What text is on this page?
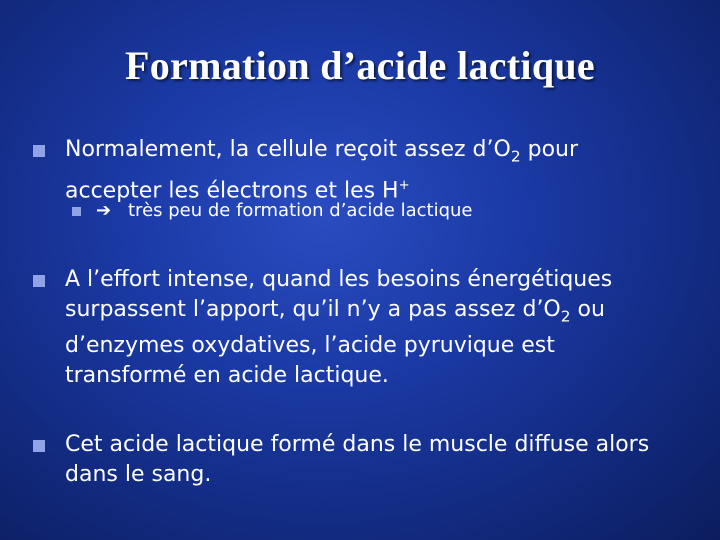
Formation d’acide lactique
Normalement, la cellule reçoit assez $d’O_2$ pour
accepter les électrons et les H+
➔ très peu de formation d’acide lactique
A l’effort intense, quand les besoins énergétiques
surpassent l’apport, qu’il n’y a pas assez $d’O_2$ ou
d’enzymes oxydatives, l’acide pyruvique est
transformé en acide lactique.
Cet acide lactique formé dans le muscle diffuse alors
dans le sang.
